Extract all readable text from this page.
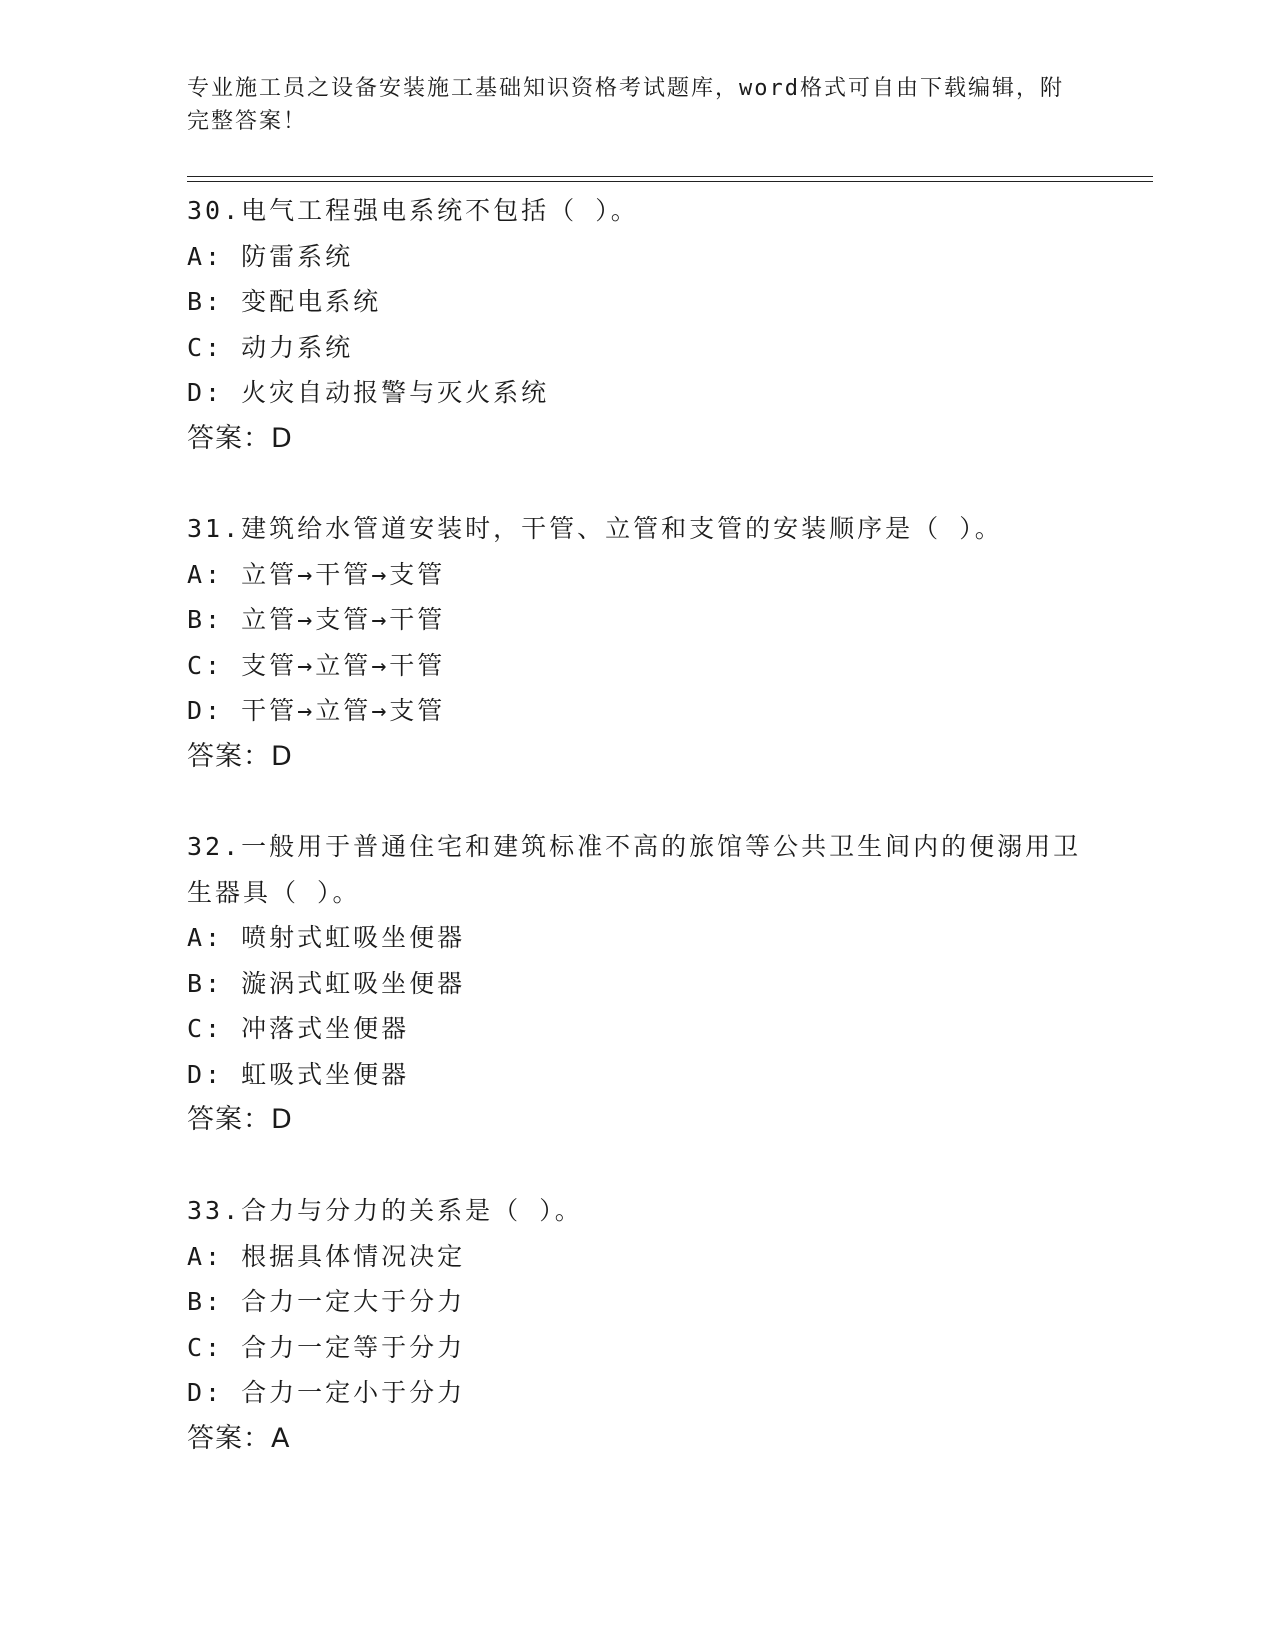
专业施工员之设备安装施工基础知识资格考试题库，word格式可自由下载编辑，附完整答案！
30.电气工程强电系统不包括（ ）。
A: 防雷系统
B: 变配电系统
C: 动力系统
D: 火灾自动报警与灭火系统
答案：D
31.建筑给水管道安装时，干管、立管和支管的安装顺序是（ ）。
A: 立管→干管→支管
B: 立管→支管→干管
C: 支管→立管→干管
D: 干管→立管→支管
答案：D
32.一般用于普通住宅和建筑标准不高的旅馆等公共卫生间内的便溺用卫生器具（ ）。
A: 喷射式虹吸坐便器
B: 漩涡式虹吸坐便器
C: 冲落式坐便器
D: 虹吸式坐便器
答案：D
33.合力与分力的关系是（ ）。
A: 根据具体情况决定
B: 合力一定大于分力
C: 合力一定等于分力
D: 合力一定小于分力
答案：A
